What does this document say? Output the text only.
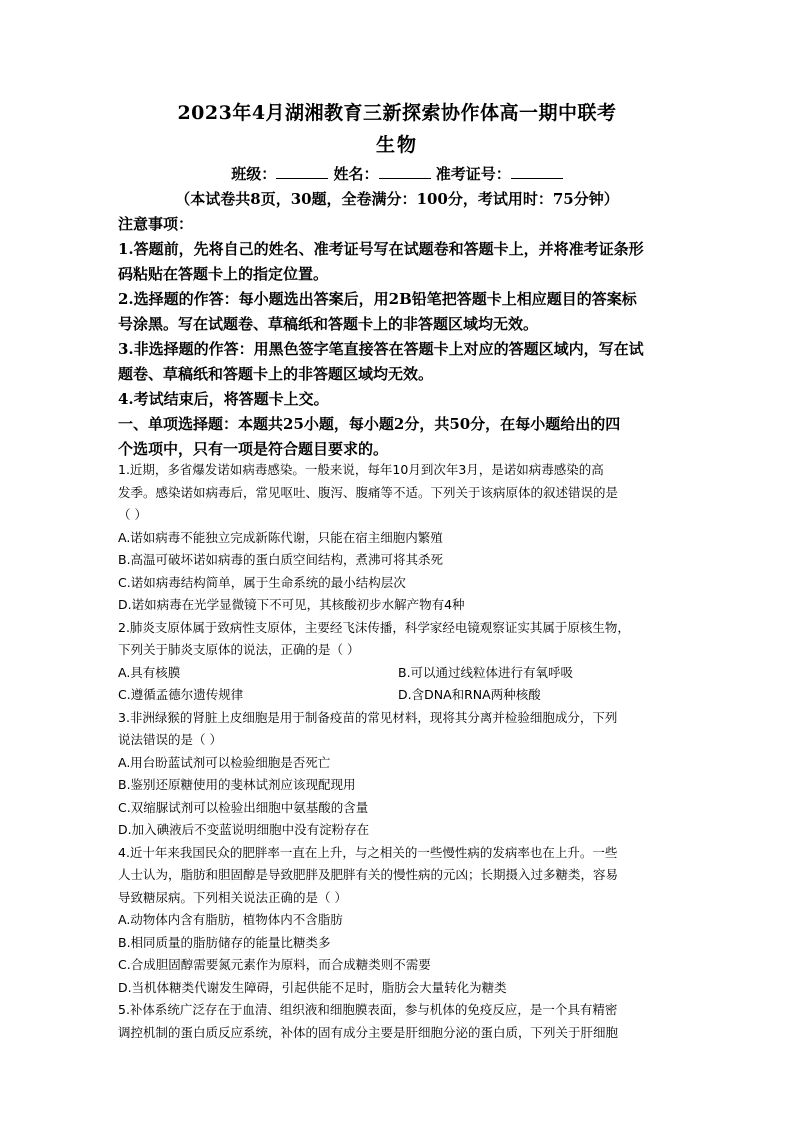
2023年4月湖湘教育三新探索协作体高一期中联考
生物
班级：	姓名：	准考证号：
（本试卷共8页，30题，全卷满分：100分，考试用时：75分钟）
注意事项：
1.答题前，先将自己的姓名、准考证号写在试题卷和答题卡上，并将准考证条形
码粘贴在答题卡上的指定位置。
2.选择题的作答：每小题选出答案后，用2B铅笔把答题卡上相应题目的答案标
号涂黑。写在试题卷、草稿纸和答题卡上的非答题区域均无效。
3.非选择题的作答：用黑色签字笔直接答在答题卡上对应的答题区域内，写在试
题卷、草稿纸和答题卡上的非答题区域均无效。
4.考试结束后，将答题卡上交。
一、单项选择题：本题共25小题，每小题2分，共50分，在每小题给出的四
个选项中，只有一项是符合题目要求的。
1.近期，多省爆发诺如病毒感染。一般来说，每年10月到次年3月，是诺如病毒感染的高
发季。感染诺如病毒后，常见呕吐、腹泻、腹痛等不适。下列关于该病原体的叙述错误的是
（ ）
A.诺如病毒不能独立完成新陈代谢，只能在宿主细胞内繁殖
B.高温可破坏诺如病毒的蛋白质空间结构，煮沸可将其杀死
C.诺如病毒结构简单，属于生命系统的最小结构层次
D.诺如病毒在光学显微镜下不可见，其核酸初步水解产物有4种
2.肺炎支原体属于致病性支原体，主要经飞沫传播，科学家经电镜观察证实其属于原核生物，
下列关于肺炎支原体的说法，正确的是（ ）
A.具有核膜	B.可以通过线粒体进行有氧呼吸
C.遵循孟德尔遗传规律	D.含DNA和RNA两种核酸
3.非洲绿猴的肾脏上皮细胞是用于制备疫苗的常见材料，现将其分离并检验细胞成分，下列
说法错误的是（ ）
A.用台盼蓝试剂可以检验细胞是否死亡
B.鉴别还原糖使用的斐林试剂应该现配现用
C.双缩脲试剂可以检验出细胞中氨基酸的含量
D.加入碘液后不变蓝说明细胞中没有淀粉存在
4.近十年来我国民众的肥胖率一直在上升，与之相关的一些慢性病的发病率也在上升。一些
人士认为，脂肪和胆固醇是导致肥胖及肥胖有关的慢性病的元凶；长期摄入过多糖类，容易
导致糖尿病。下列相关说法正确的是（ ）
A.动物体内含有脂肪，植物体内不含脂肪
B.相同质量的脂肪储存的能量比糖类多
C.合成胆固醇需要氮元素作为原料，而合成糖类则不需要
D.当机体糖类代谢发生障碍，引起供能不足时，脂肪会大量转化为糖类
5.补体系统广泛存在于血清、组织液和细胞膜表面，参与机体的免疫反应，是一个具有精密
调控机制的蛋白质反应系统，补体的固有成分主要是肝细胞分泌的蛋白质，下列关于肝细胞
